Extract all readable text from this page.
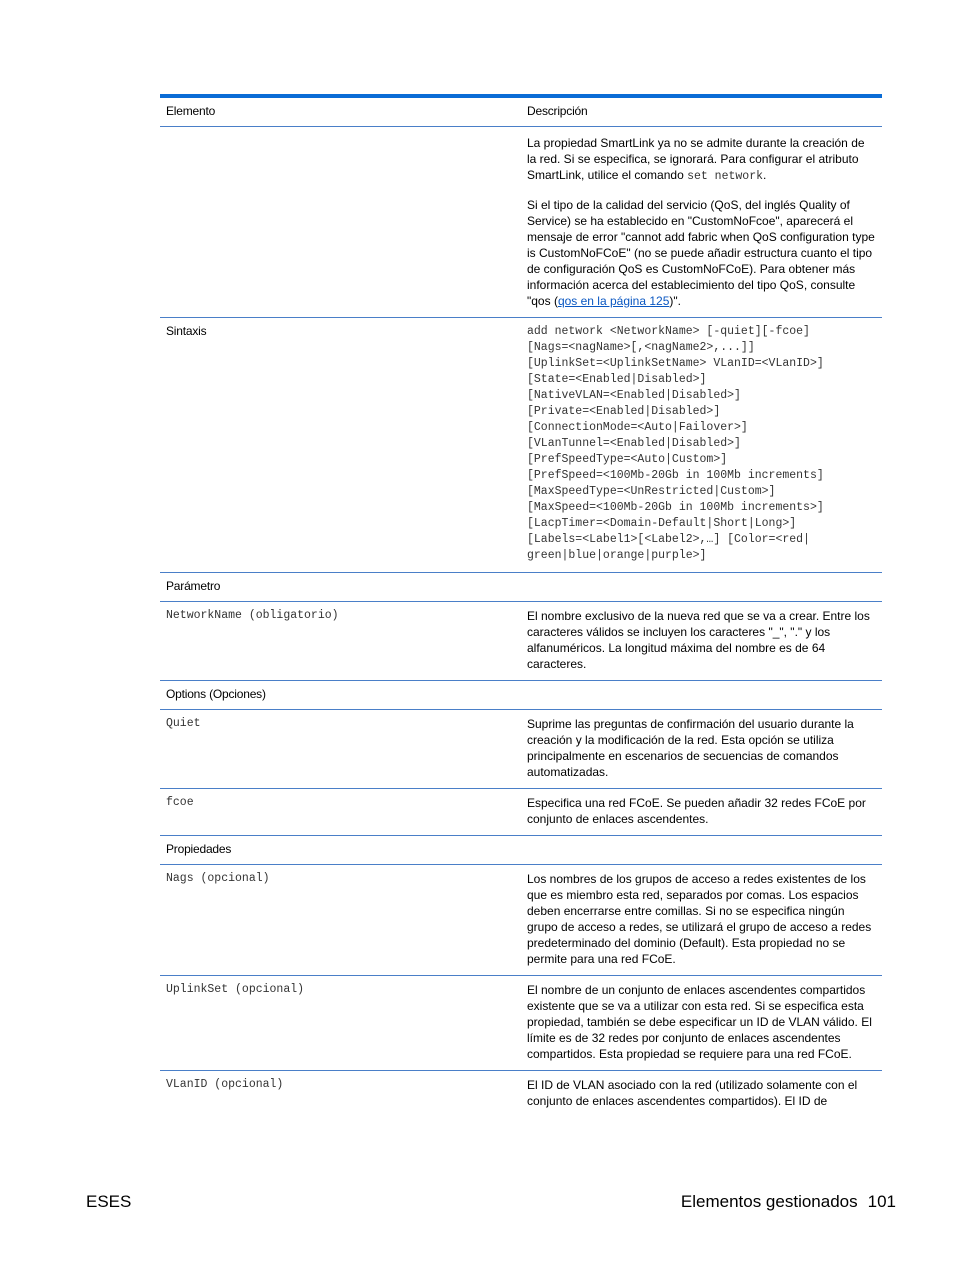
Elemento	Descripción

La propiedad SmartLink ya no se admite durante la creación de la red. Si se especifica, se ignorará. Para configurar el atributo SmartLink, utilice el comando set network.

Si el tipo de la calidad del servicio (QoS, del inglés Quality of Service) se ha establecido en "CustomNoFcoe", aparecerá el mensaje de error "cannot add fabric when QoS configuration type is CustomNoFCoE" (no se puede añadir estructura cuanto el tipo de configuración QoS es CustomNoFCoE). Para obtener más información acerca del establecimiento del tipo QoS, consulte "qos (qos en la página 125)".

Sintaxis	add network <NetworkName> [-quiet][-fcoe]
[Nags=<nagName>[,<nagName2>,...]]
[UplinkSet=<UplinkSetName> VLanID=<VLanID>]
[State=<Enabled|Disabled>]
[NativeVLAN=<Enabled|Disabled>]
[Private=<Enabled|Disabled>]
[ConnectionMode=<Auto|Failover>]
[VLanTunnel=<Enabled|Disabled>]
[PrefSpeedType=<Auto|Custom>]
[PrefSpeed=<100Mb-20Gb in 100Mb increments]
[MaxSpeedType=<UnRestricted|Custom>]
[MaxSpeed=<100Mb-20Gb in 100Mb increments>]
[LacpTimer=<Domain-Default|Short|Long>]
[Labels=<Label1>[<Label2>,…] [Color=<red|
green|blue|orange|purple>]
Parámetro
NetworkName (obligatorio)	El nombre exclusivo de la nueva red que se va a crear. Entre los caracteres válidos se incluyen los caracteres "_", "." y los alfanuméricos. La longitud máxima del nombre es de 64 caracteres.
Options (Opciones)
Quiet	Suprime las preguntas de confirmación del usuario durante la creación y la modificación de la red. Esta opción se utiliza principalmente en escenarios de secuencias de comandos automatizadas.
fcoe	Especifica una red FCoE. Se pueden añadir 32 redes FCoE por conjunto de enlaces ascendentes.
Propiedades
Nags (opcional)	Los nombres de los grupos de acceso a redes existentes de los que es miembro esta red, separados por comas. Los espacios deben encerrarse entre comillas. Si no se especifica ningún grupo de acceso a redes, se utilizará el grupo de acceso a redes predeterminado del dominio (Default). Esta propiedad no se permite para una red FCoE.
UplinkSet (opcional)	El nombre de un conjunto de enlaces ascendentes compartidos existente que se va a utilizar con esta red. Si se especifica esta propiedad, también se debe especificar un ID de VLAN válido. El límite es de 32 redes por conjunto de enlaces ascendentes compartidos. Esta propiedad se requiere para una red FCoE.
VLanID (opcional)	El ID de VLAN asociado con la red (utilizado solamente con el conjunto de enlaces ascendentes compartidos). El ID de
ESES	Elementos gestionados 101
